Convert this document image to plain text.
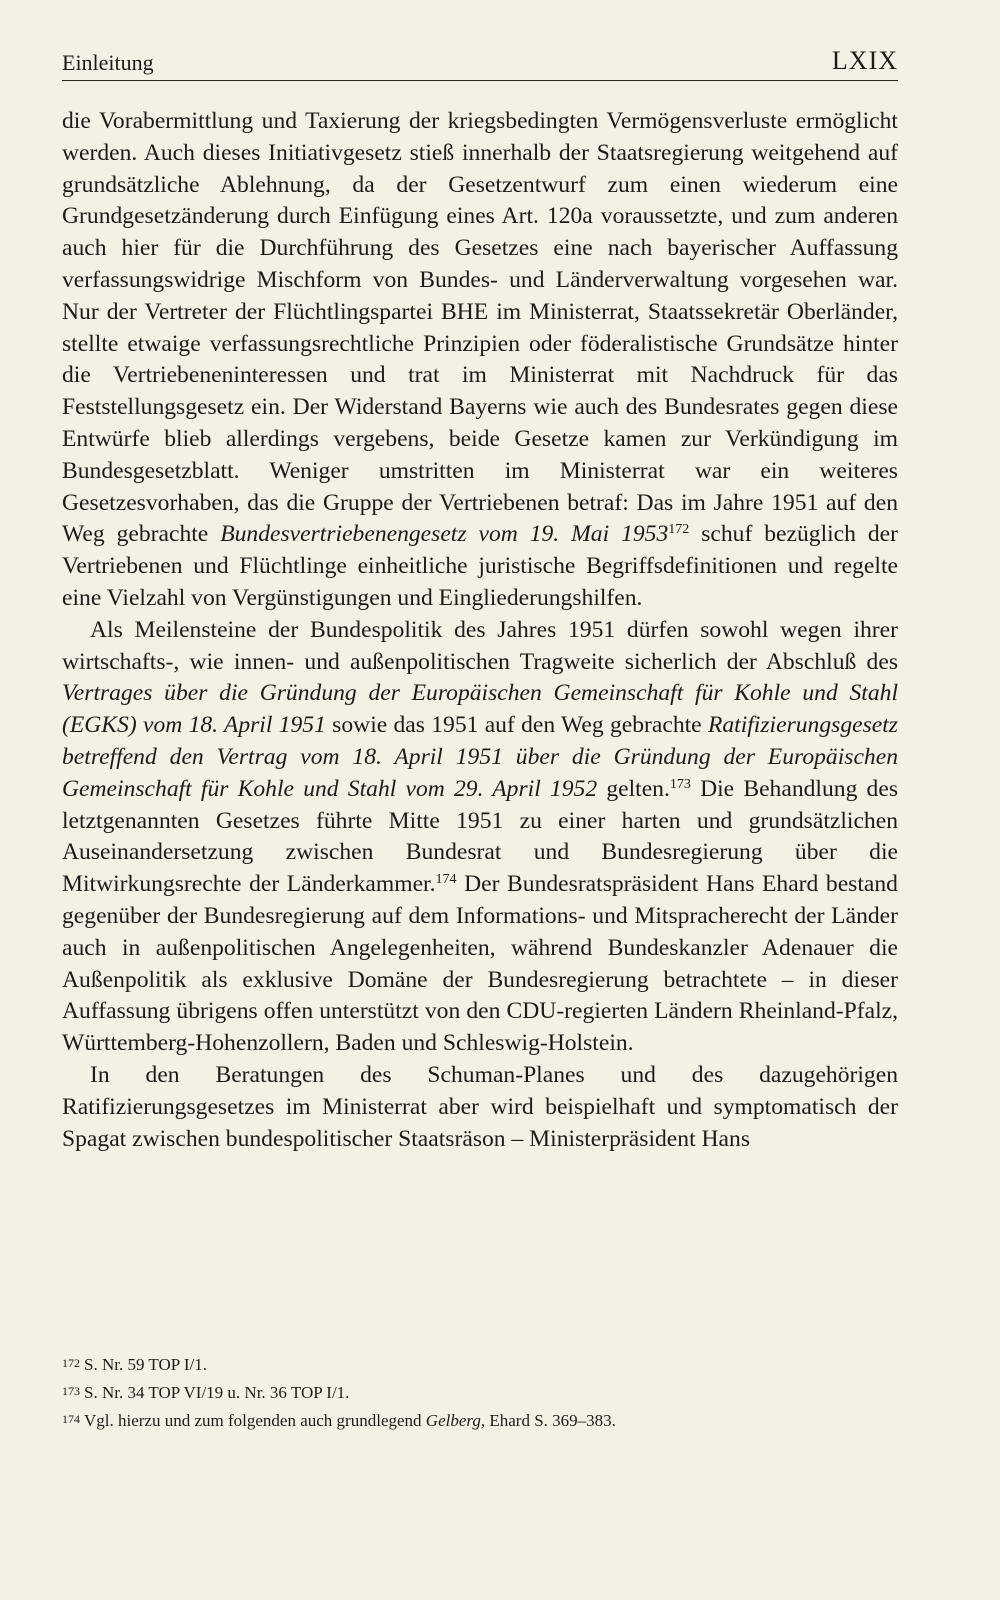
Einleitung	LXIX

die Vorabermittlung und Taxierung der kriegsbedingten Vermögensverluste ermöglicht werden. Auch dieses Initiativgesetz stieß innerhalb der Staatsregierung weitgehend auf grundsätzliche Ablehnung, da der Gesetzentwurf zum einen wiederum eine Grundgesetzänderung durch Einfügung eines Art. 120a voraussetzte, und zum anderen auch hier für die Durchführung des Gesetzes eine nach bayerischer Auffassung verfassungswidrige Mischform von Bundes- und Länderverwaltung vorgesehen war. Nur der Vertreter der Flüchtlingspartei BHE im Ministerrat, Staatssekretär Oberländer, stellte etwaige verfassungsrechtliche Prinzipien oder föderalistische Grundsätze hinter die Vertriebeneninteressen und trat im Ministerrat mit Nachdruck für das Feststellungsgesetz ein. Der Widerstand Bayerns wie auch des Bundesrates gegen diese Entwürfe blieb allerdings vergebens, beide Gesetze kamen zur Verkündigung im Bundesgesetzblatt. Weniger umstritten im Ministerrat war ein weiteres Gesetzesvorhaben, das die Gruppe der Vertriebenen betraf: Das im Jahre 1951 auf den Weg gebrachte Bundesvertriebenengesetz vom 19. Mai 1953$^{172}$ schuf bezüglich der Vertriebenen und Flüchtlinge einheitliche juristische Begriffsdefinitionen und regelte eine Vielzahl von Vergünstigungen und Eingliederungshilfen.

Als Meilensteine der Bundespolitik des Jahres 1951 dürfen sowohl wegen ihrer wirtschafts-, wie innen- und außenpolitischen Tragweite sicherlich der Abschluß des Vertrages über die Gründung der Europäischen Gemeinschaft für Kohle und Stahl (EGKS) vom 18. April 1951 sowie das 1951 auf den Weg gebrachte Ratifizierungsgesetz betreffend den Vertrag vom 18. April 1951 über die Gründung der Europäischen Gemeinschaft für Kohle und Stahl vom 29. April 1952 gelten.$^{173}$ Die Behandlung des letztgenannten Gesetzes führte Mitte 1951 zu einer harten und grundsätzlichen Auseinandersetzung zwischen Bundesrat und Bundesregierung über die Mitwirkungsrechte der Länderkammer.$^{174}$ Der Bundesratspräsident Hans Ehard bestand gegenüber der Bundesregierung auf dem Informations- und Mitspracherecht der Länder auch in außenpolitischen Angelegenheiten, während Bundeskanzler Adenauer die Außenpolitik als exklusive Domäne der Bundesregierung betrachtete – in dieser Auffassung übrigens offen unterstützt von den CDU-regierten Ländern Rheinland-Pfalz, Württemberg-Hohenzollern, Baden und Schleswig-Holstein.

In den Beratungen des Schuman-Planes und des dazugehörigen Ratifizierungsgesetzes im Ministerrat aber wird beispielhaft und symptomatisch der Spagat zwischen bundespolitischer Staatsräson – Ministerpräsident Hans

172 S. Nr. 59 TOP I/1.
173 S. Nr. 34 TOP VI/19 u. Nr. 36 TOP I/1.
174 Vgl. hierzu und zum folgenden auch grundlegend Gelberg, Ehard S. 369–383.
